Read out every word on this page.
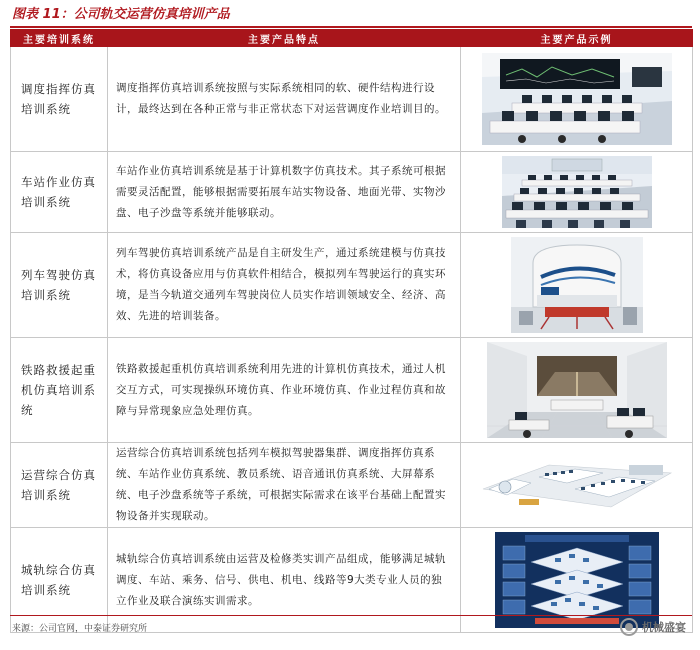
图表 11：公司轨交运营仿真培训产品
主要培训系统	主要产品特点	主要产品示例
调度指挥仿真培训系统	调度指挥仿真培训系统按照与实际系统相同的软、硬件结构进行设计，最终达到在各种正常与非正常状态下对运营调度作业培训目的。	

车站作业仿真培训系统	车站作业仿真培训系统是基于计算机数字仿真技术。其子系统可根据需要灵活配置，能够根据需要拓展车站实物设备、地面光带、实物沙盘、电子沙盘等系统并能够联动。	

列车驾驶仿真培训系统	列车驾驶仿真培训系统产品是自主研发生产，通过系统建模与仿真技术，将仿真设备应用与仿真软件相结合，模拟列车驾驶运行的真实环境，是当今轨道交通列车驾驶岗位人员实作培训领域安全、经济、高效、先进的培训装备。	

铁路救援起重机仿真培训系统	铁路救援起重机仿真培训系统利用先进的计算机仿真技术，通过人机交互方式，可实现操纵环境仿真、作业环境仿真、作业过程仿真和故障与异常现象应急处理仿真。	

运营综合仿真培训系统	运营综合仿真培训系统包括列车模拟驾驶器集群、调度指挥仿真系统、车站作业仿真系统、教员系统、语音通讯仿真系统、大屏幕系统、电子沙盘系统等子系统，可根据实际需求在该平台基础上配置实物设备并实现联动。	

城轨综合仿真培训系统	城轨综合仿真培训系统由运营及检修类实训产品组成，能够满足城轨调度、车站、乘务、信号、供电、机电、线路等9大类专业人员的独立作业及联合演练实训需求。	
来源：公司官网，中泰证券研究所	机械盛宴
